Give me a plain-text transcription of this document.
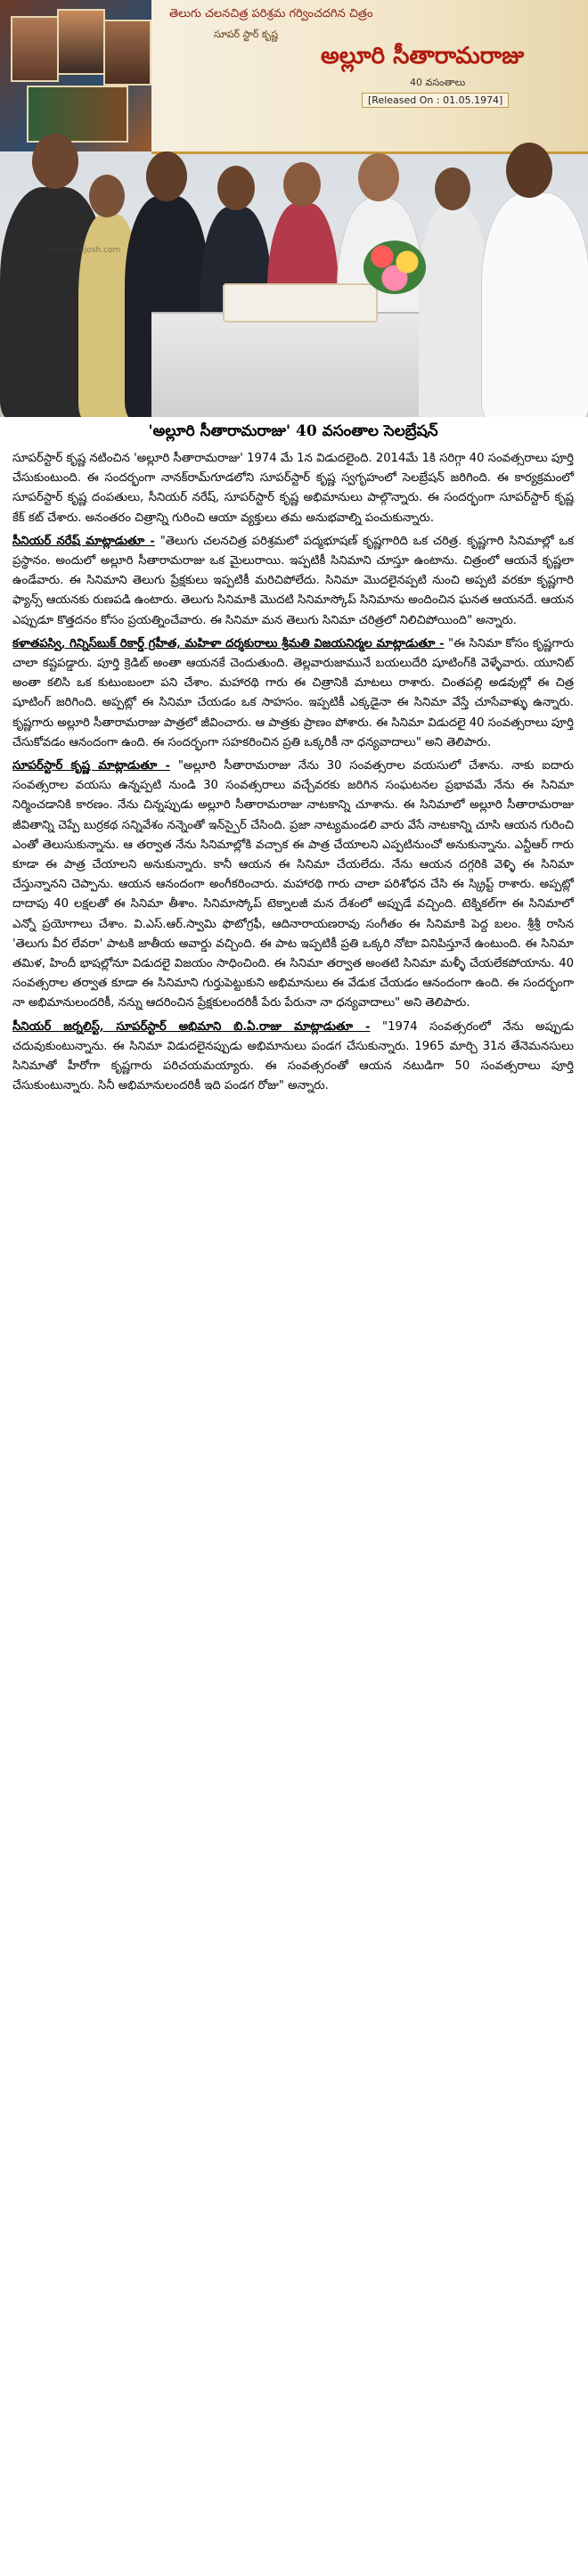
తెలుగు చలనచిత్ర పరిశ్రమ గర్వించదగిన చిత్రం
సూపర్ స్టార్ కృష్ణ
అల్లూరి సీతారామరాజు
40 వసంతాలు
[Released On : 01.05.1974]
www.cinejosh.com
'అల్లూరి సీతారామరాజు' 40 వసంతాల సెలబ్రేషన్

సూపర్‌స్టార్ కృష్ణ నటించిన 'అల్లూరి సీతారామరాజు' 1974 మే 1న విడుదలైంది. 2014మే 1కి సరిగ్గా 40 సంవత్సరాలు పూర్తి చేసుకుంటుంది. ఈ సందర్భంగా నానక్‌రామ్‌గూడలోని సూపర్‌స్టార్ కృష్ణ స్వగృహంలో సెలబ్రేషన్ జరిగింది. ఈ కార్యక్రమంలో సూపర్‌స్టార్ కృష్ణ దంపతులు, సీనియర్ నరేష్, సూపర్‌స్టార్ కృష్ణ అభిమానులు పాల్గొన్నారు. ఈ సందర్భంగా సూపర్‌స్టార్ కృష్ణ కేక్ కట్ చేశారు. అనంతరం చిత్రాన్ని గురించి ఆయా వ్యక్తులు తమ అనుభవాల్ని పంచుకున్నారు.

సీనియర్ నరేష్ మాట్లాడుతూ - "తెలుగు చలనచిత్ర పరిశ్రమలో పద్మభూషణ్ కృష్ణగారిది ఒక చరిత్ర. కృష్ణగారి సినిమాల్లో ఒక ప్రస్థానం. అందులో అల్లూరి సీతారామరాజు ఒక మైలురాయి. ఇప్పటికీ సినిమాని చూస్తూ ఉంటాను. చిత్రంలో ఆయనే కృష్ణలా ఉండేవారు. ఈ సినిమాని తెలుగు ప్రేక్షకులు ఇప్పటికీ మరిచిపోలేదు. సినిమా మొదలైనప్పటి నుంచి అప్పటి వరకూ కృష్ణగారి ఫ్యాన్స్‌ ఆయనకు రుణపడి ఉంటారు. తెలుగు సినిమాకి మొదటి సినిమాస్కోప్ సినిమాను అందించిన ఘనత ఆయనదే. ఆయన ఎప్పుడూ కొత్తదనం కోసం ప్రయత్నించేవారు. ఈ సినిమా మన తెలుగు సినిమా చరిత్రలో నిలిచిపోయింది" అన్నారు.

కళాతపస్వి, గిన్నిస్‌బుక్ రికార్డ్ గ్రహీత, మహిళా దర్శకురాలు శ్రీమతి విజయనిర్మల మాట్లాడుతూ - "ఈ సినిమా కోసం కృష్ణగారు చాలా కష్టపడ్డారు. పూర్తి క్రెడిట్ అంతా ఆయనకే చెందుతుంది. తెల్లవారుజామునే బయలుదేరి షూటింగ్‌కి వెళ్ళేవారు. యూనిట్ అంతా కలిసి ఒక కుటుంబంలా పని చేశాం. మహారథి గారు ఈ చిత్రానికి మాటలు రాశారు. చింతపల్లి అడవుల్లో ఈ చిత్ర షూటింగ్ జరిగింది. అప్పట్లో ఈ సినిమా చేయడం ఒక సాహసం. ఇప్పటికీ ఎక్కడైనా ఈ సినిమా వేస్తే చూసేవాళ్ళు ఉన్నారు. కృష్ణగారు అల్లూరి సీతారామరాజు పాత్రలో జీవించారు. ఆ పాత్రకు ప్రాణం పోశారు. ఈ సినిమా విడుదలై 40 సంవత్సరాలు పూర్తి చేసుకోవడం ఆనందంగా ఉంది. ఈ సందర్భంగా సహకరించిన ప్రతి ఒక్కరికీ నా ధన్యవాదాలు" అని తెలిపారు.

సూపర్‌స్టార్ కృష్ణ మాట్లాడుతూ - "అల్లూరి సీతారామరాజు నేను 30 సంవత్సరాల వయసులో చేశాను. నాకు ఐదారు సంవత్సరాల వయసు ఉన్నప్పటి నుండి 30 సంవత్సరాలు వచ్చేవరకు జరిగిన సంఘటనల ప్రభావమే నేను ఈ సినిమా నిర్మించడానికి కారణం. నేను చిన్నప్పుడు అల్లూరి సీతారామరాజు నాటకాన్ని చూశాను. ఈ సినిమాలో అల్లూరి సీతారామరాజు జీవితాన్ని చెప్పే బుర్రకథ సన్నివేశం నన్నెంతో ఇన్‌స్పైర్ చేసింది. ప్రజా నాట్యమండలి వారు వేసే నాటకాన్ని చూసి ఆయన గురించి ఎంతో తెలుసుకున్నాను. ఆ తర్వాత నేను సినిమాల్లోకి వచ్చాక ఈ పాత్ర చేయాలని ఎప్పటినుంచో అనుకున్నాను. ఎన్టీఆర్ గారు కూడా ఈ పాత్ర చేయాలని అనుకున్నారు. కానీ ఆయన ఈ సినిమా చేయలేదు. నేను ఆయన దగ్గరికి వెళ్ళి ఈ సినిమా చేస్తున్నానని చెప్పాను. ఆయన ఆనందంగా అంగీకరించారు. మహారథి గారు చాలా పరిశోధన చేసి ఈ స్క్రిప్ట్ రాశారు. అప్పట్లో దాదాపు 40 లక్షలతో ఈ సినిమా తీశాం. సినిమాస్కోప్ టెక్నాలజీ మన దేశంలో అప్పుడే వచ్చింది. టెక్నికల్‌గా ఈ సినిమాలో ఎన్నో ప్రయోగాలు చేశాం. వి.ఎస్.ఆర్.స్వామి ఫొటోగ్రఫీ, ఆదినారాయణరావు సంగీతం ఈ సినిమాకి పెద్ద బలం. శ్రీశ్రీ రాసిన 'తెలుగు వీర లేవరా' పాటకి జాతీయ అవార్డు వచ్చింది. ఈ పాట ఇప్పటికీ ప్రతి ఒక్కరి నోటా వినిపిస్తూనే ఉంటుంది. ఈ సినిమా తమిళ, హిందీ భాషల్లోనూ విడుదలై విజయం సాధించింది. ఈ సినిమా తర్వాత అంతటి సినిమా మళ్ళీ చేయలేకపోయాను. 40 సంవత్సరాల తర్వాత కూడా ఈ సినిమాని గుర్తుపెట్టుకుని అభిమానులు ఈ వేడుక చేయడం ఆనందంగా ఉంది. ఈ సందర్భంగా నా అభిమానులందరికీ, నన్ను ఆదరించిన ప్రేక్షకులందరికీ పేరు పేరునా నా ధన్యవాదాలు" అని తెలిపారు.

సీనియర్ జర్నలిస్ట్, సూపర్‌స్టార్ అభిమాని బి.ఏ.రాజు మాట్లాడుతూ - "1974 సంవత్సరంలో నేను అప్పుడు చదువుకుంటున్నాను. ఈ సినిమా విడుదలైనప్పుడు అభిమానులు పండగ చేసుకున్నారు. 1965 మార్చి 31న తేనెమనసులు సినిమాతో హీరోగా కృష్ణగారు పరిచయమయ్యారు. ఈ సంవత్సరంతో ఆయన నటుడిగా 50 సంవత్సరాలు పూర్తి చేసుకుంటున్నారు. సినీ అభిమానులందరికీ ఇది పండగ రోజు" అన్నారు.
